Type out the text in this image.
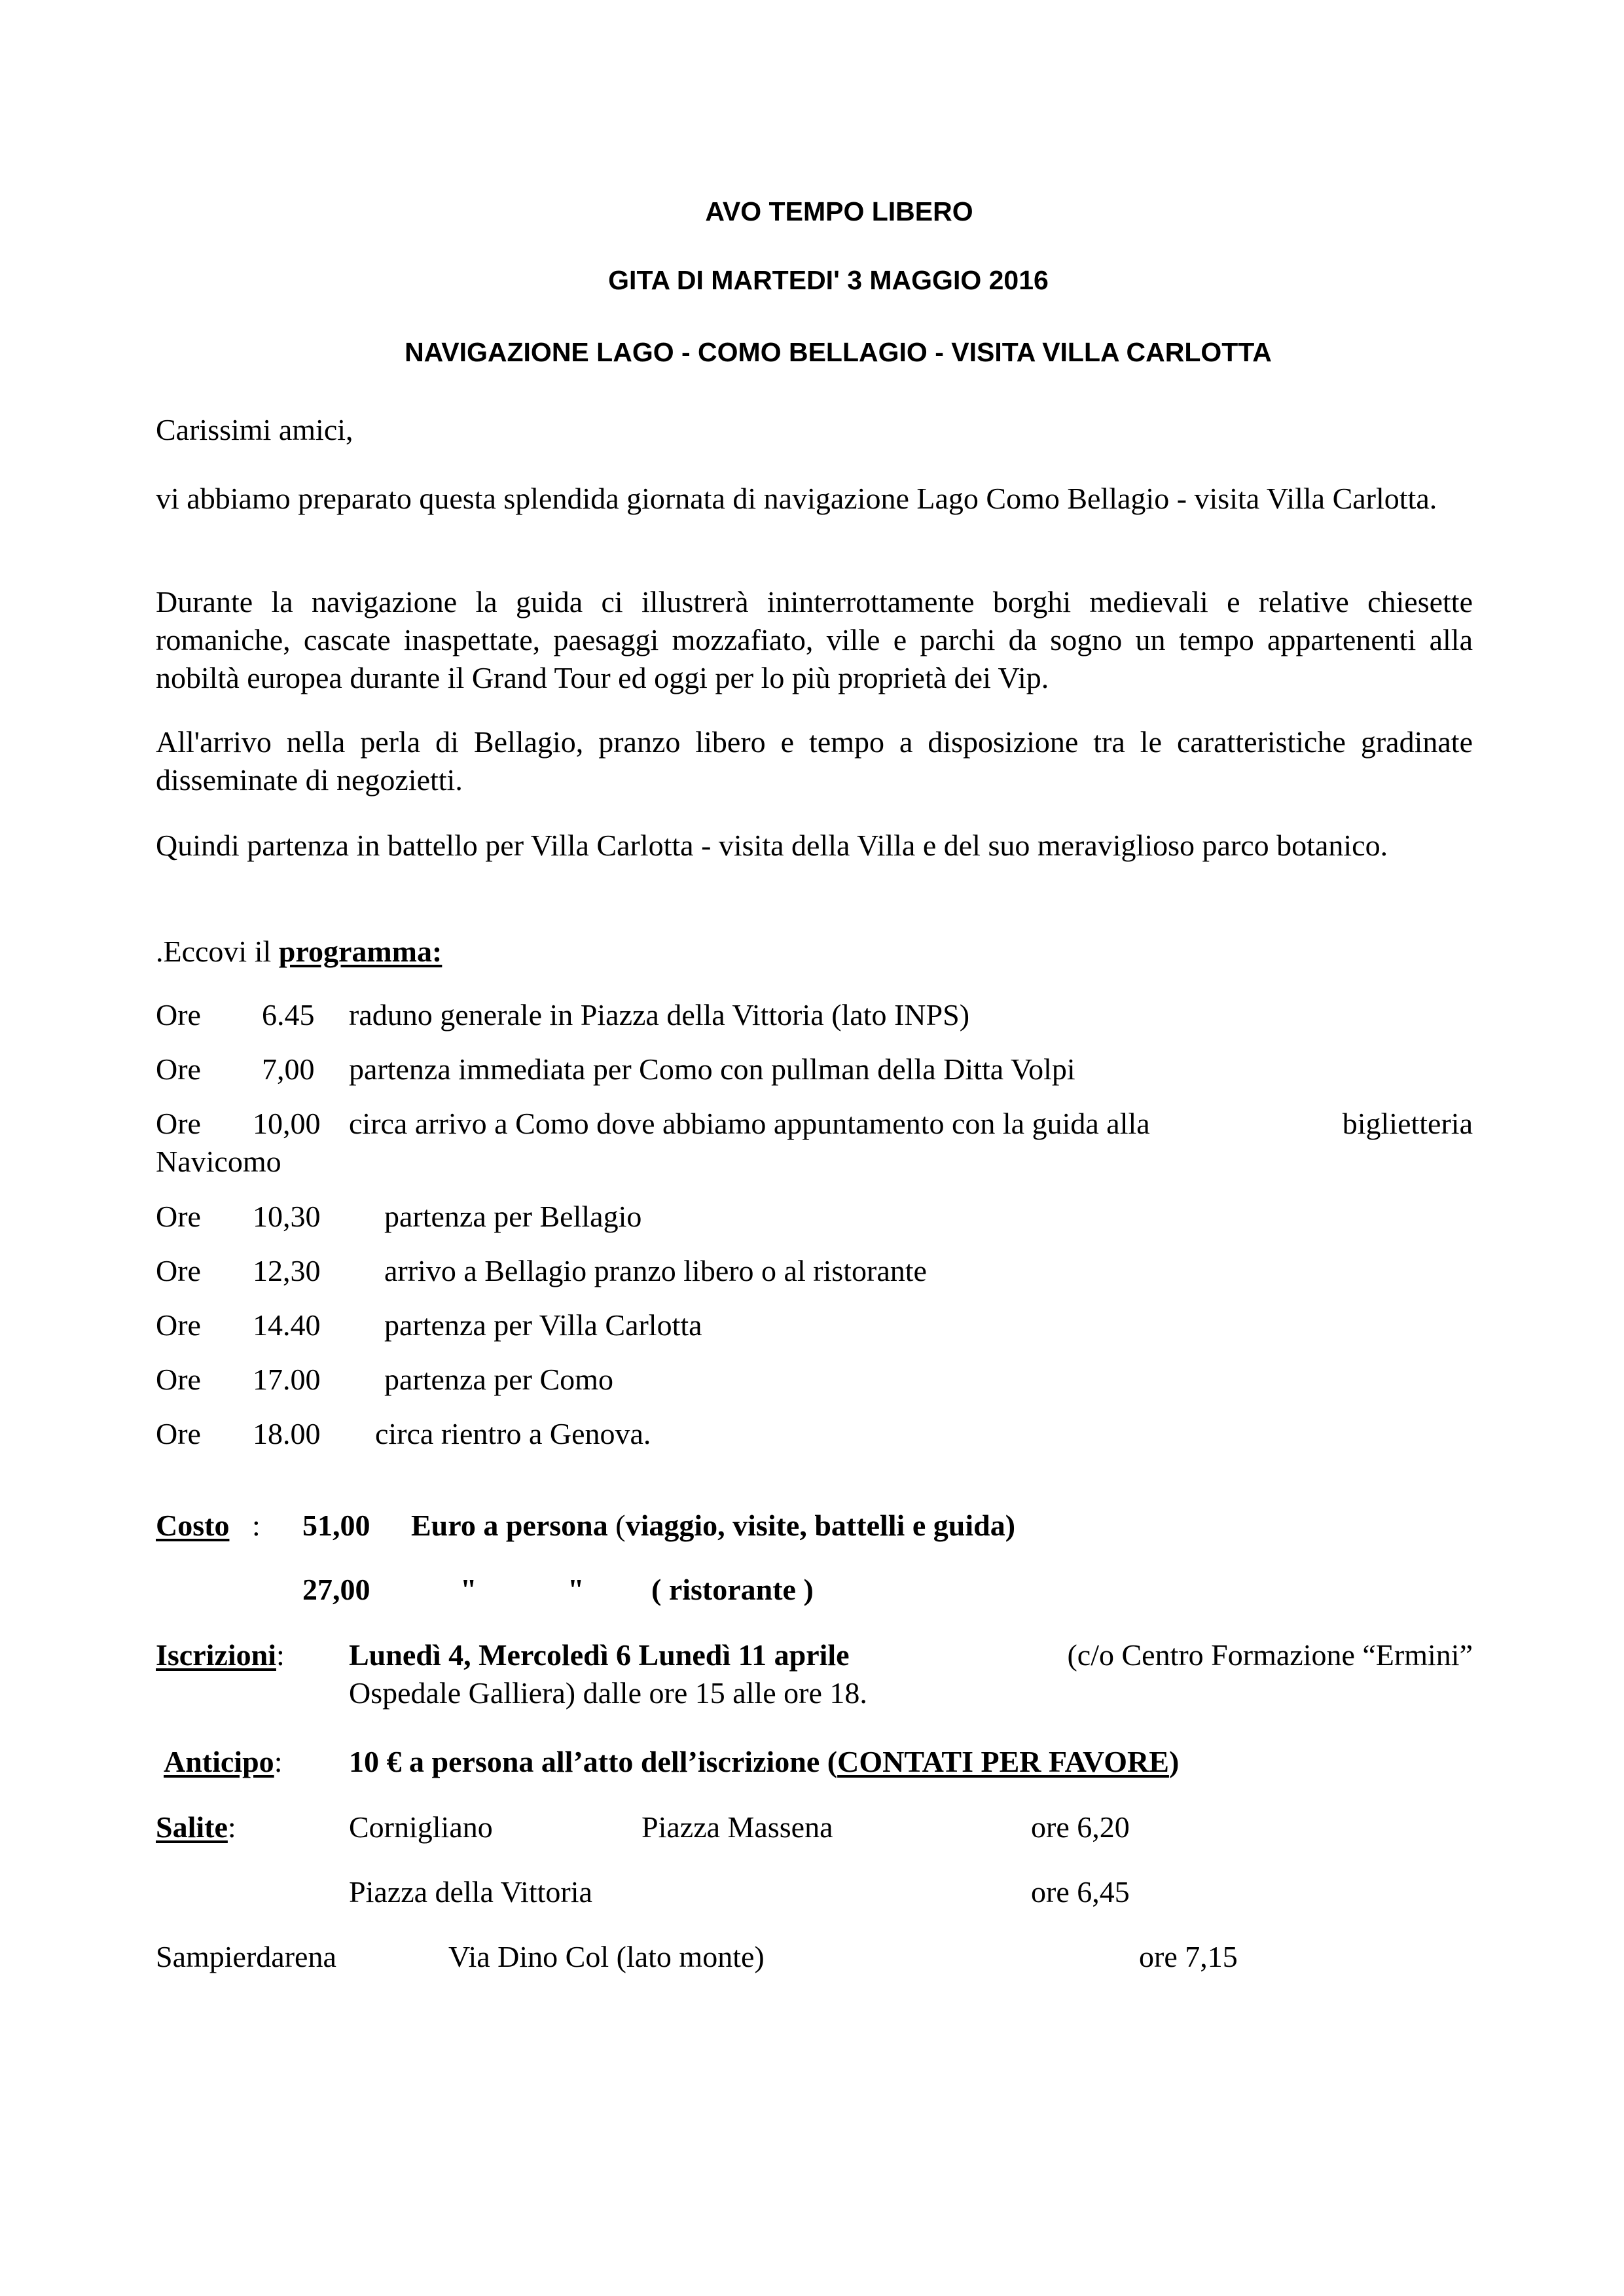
AVO TEMPO LIBERO
GITA DI MARTEDI' 3 MAGGIO 2016
NAVIGAZIONE LAGO - COMO BELLAGIO - VISITA VILLA CARLOTTA
Carissimi amici,
vi abbiamo preparato questa splendida giornata di navigazione Lago Como Bellagio - visita Villa Carlotta.
Durante la navigazione la guida ci illustrerà ininterrottamente borghi medievali e relative chiesette romaniche, cascate inaspettate, paesaggi mozzafiato, ville e parchi da sogno un tempo appartenenti alla nobiltà europea durante il Grand Tour ed oggi per lo più proprietà dei Vip.
All'arrivo nella perla di Bellagio, pranzo libero e tempo a disposizione tra le caratteristiche gradinate disseminate di negozietti.
Quindi partenza in battello per Villa Carlotta - visita della Villa e del suo meraviglioso parco botanico.
.Eccovi il programma:
Ore 6.45 raduno generale in Piazza della Vittoria (lato INPS)
Ore 7,00 partenza immediata per Como con pullman della Ditta Volpi
Ore 10,00 circa arrivo a Como dove abbiamo appuntamento con la guida alla	biglietteria
Navicomo
Ore 10,30 partenza per Bellagio
Ore 12,30 arrivo a Bellagio pranzo libero o al ristorante
Ore 14.40 partenza per Villa Carlotta
Ore 17.00 partenza per Como
Ore 18.00 circa rientro a Genova.
Costo : 51,00 Euro a persona (viaggio, visite, battelli e guida)
27,00	"	" ( ristorante )
Iscrizioni: Lunedì 4, Mercoledì 6 Lunedì 11 aprile	(c/o Centro Formazione “Ermini”
Ospedale Galliera) dalle ore 15 alle ore 18.
Anticipo: 10 € a persona all’atto dell’iscrizione (CONTATI PER FAVORE)
Salite:	Cornigliano	Piazza Massena	ore 6,20
Piazza della Vittoria	ore 6,45
Sampierdarena	Via Dino Col (lato monte)	ore 7,15
